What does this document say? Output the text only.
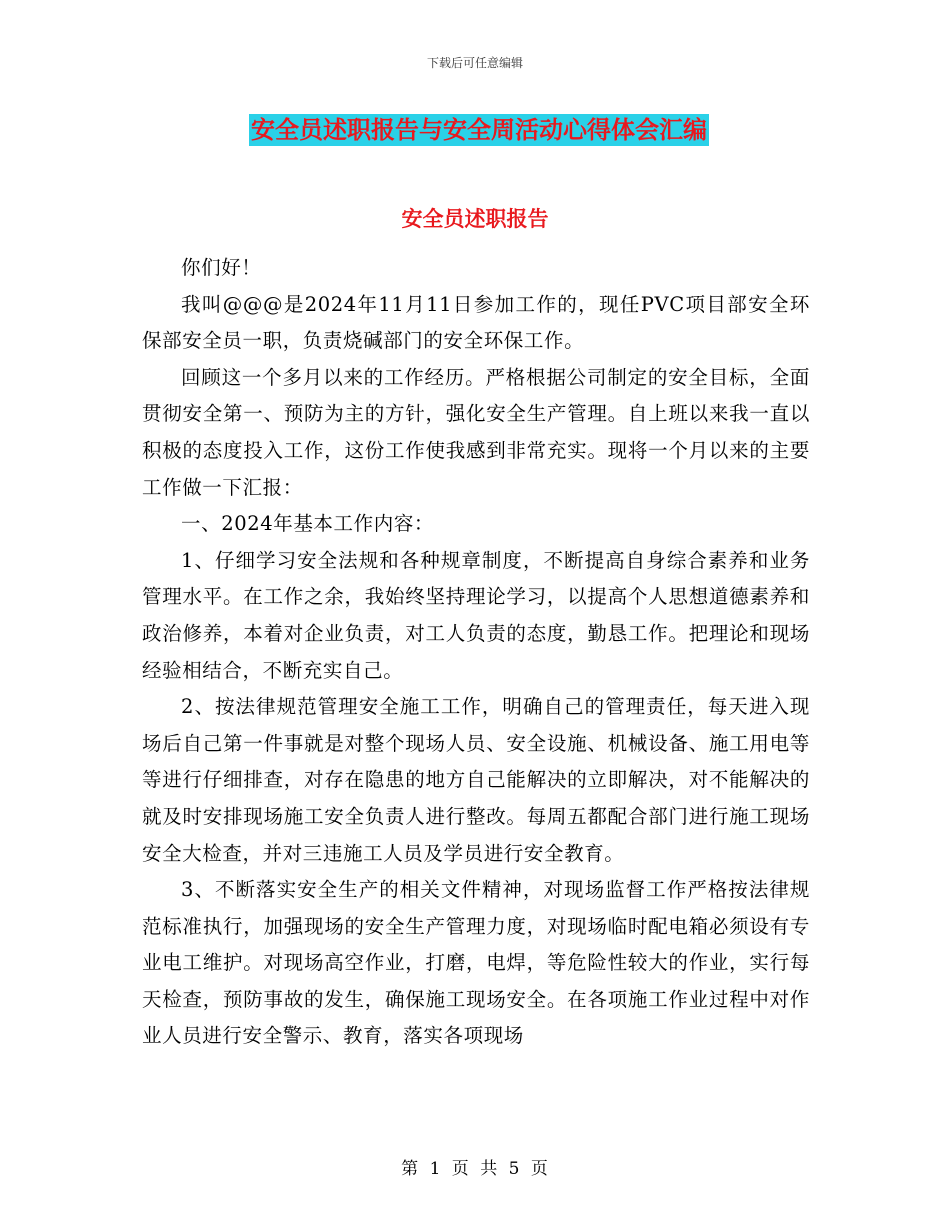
下载后可任意编辑
安全员述职报告与安全周活动心得体会汇编
安全员述职报告

你们好！

我叫@@@是2024年11月11日参加工作的，现任PVC项目部安全环保部安全员一职，负责烧碱部门的安全环保工作。

回顾这一个多月以来的工作经历。严格根据公司制定的安全目标，全面贯彻安全第一、预防为主的方针，强化安全生产管理。自上班以来我一直以积极的态度投入工作，这份工作使我感到非常充实。现将一个月以来的主要工作做一下汇报：

一、2024年基本工作内容：

1、仔细学习安全法规和各种规章制度，不断提高自身综合素养和业务管理水平。在工作之余，我始终坚持理论学习，以提高个人思想道德素养和政治修养，本着对企业负责，对工人负责的态度，勤恳工作。把理论和现场经验相结合，不断充实自己。

2、按法律规范管理安全施工工作，明确自己的管理责任，每天进入现场后自己第一件事就是对整个现场人员、安全设施、机械设备、施工用电等等进行仔细排查，对存在隐患的地方自己能解决的立即解决，对不能解决的就及时安排现场施工安全负责人进行整改。每周五都配合部门进行施工现场安全大检查，并对三违施工人员及学员进行安全教育。

3、不断落实安全生产的相关文件精神，对现场监督工作严格按法律规范标准执行，加强现场的安全生产管理力度，对现场临时配电箱必须设有专业电工维护。对现场高空作业，打磨，电焊，等危险性较大的作业，实行每天检查，预防事故的发生，确保施工现场安全。在各项施工作业过程中对作业人员进行安全警示、教育，落实各项现场

第 1 页 共 5 页
